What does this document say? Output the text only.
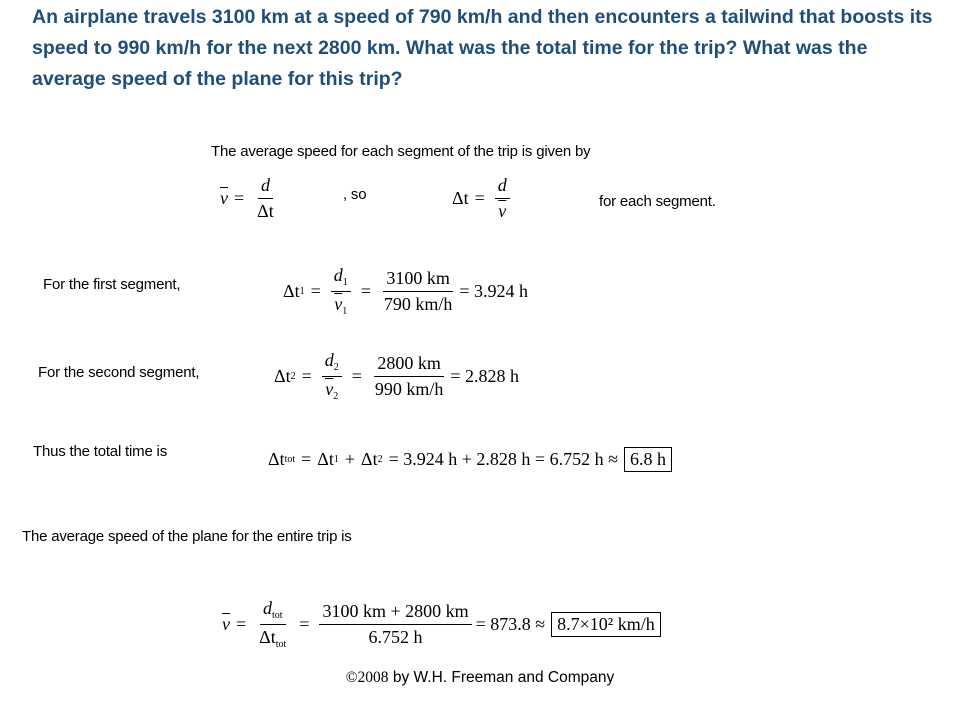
An airplane travels 3100 km at a speed of 790 km/h and then encounters a tailwind that boosts its speed to 990 km/h for the next 2800 km. What was the total time for the trip? What was the average speed of the plane for this trip?
The average speed for each segment of the trip is given by
$\overline{v} = \frac{d}{\Delta t}$	, so	$\Delta t = \frac{d}{v}$	for each segment.
For the first segment,	Δt $1 = \frac{d_1}{\overline{v}_1} = \frac{3100 km}{790 km/h} = 3.924$ h
For the second segment,	Δt $2 = \frac{d_2}{\overline{v}_2} = \frac{2800 km}{990 km/h} = 2.828$ h
Thus the total time is	Δt tot = Δt 1 + Δt 2 = 3.924 h + 2.828 h = 6.752 h ≈ 6.8 h
The average speed of the plane for the entire trip is
$\overline{v} = \frac{d_{tot}}{\Delta t_{tot}} = \frac{3100 km + 2800 km}{6.752 h} = 873.8 \approx 8.7\times 10^2$ km/h
©2008 by W.H. Freeman and Company
